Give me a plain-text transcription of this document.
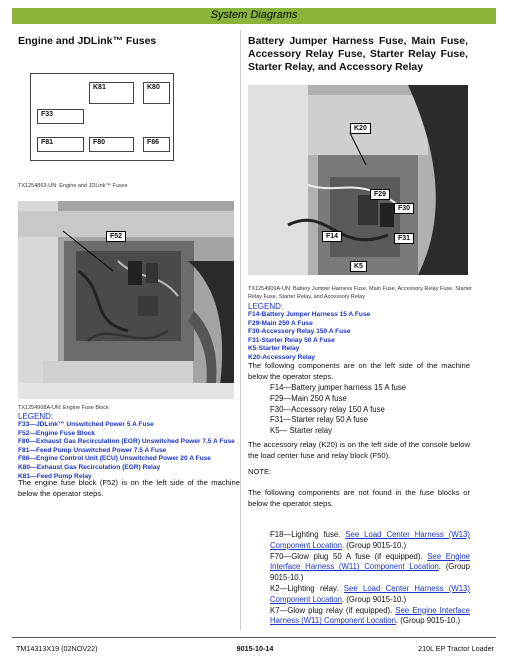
System Diagrams
Engine and JDLink™ Fuses
K81	K80
F33
F81	F80	F86
TX1254863-UN: Engine and JDLink™ Fuses
F52
TX1254908A-UN: Engine Fuse Block
LEGEND:
F33—JDLink™ Unswitched Power 5 A Fuse
F52—Engine Fuse Block
F80—Exhaust Gas Recirculation (EGR) Unswitched Power 7.5 A Fuse
F81—Feed Pump Unswitched Power 7.5 A Fuse
F86—Engine Control Unit (ECU) Unswitched Power 20 A Fuse
K80—Exhaust Gas Recirculation (EGR) Relay
K81—Feed Pump Relay
The engine fuse block (F52) is on the left side of the machine below the operator steps.
Battery Jumper Harness Fuse, Main Fuse, Accessory Relay Fuse, Starter Relay Fuse, Starter Relay, and Accessory Relay
K20
F29
F30
F31
F14
K5
TX1254909A-UN: Battery Jumper Harness Fuse, Main Fuse, Accessory Relay Fuse, Starter Relay Fuse, Starter Relay, and Accessory Relay
LEGEND:
F14-Battery Jumper Harness 15 A Fuse
F29-Main 250 A Fuse
F30-Accessory Relay 150 A Fuse
F31-Starter Relay 50 A Fuse
K5-Starter Relay
K20-Accessory Relay
The following components are on the left side of the machine below the operator steps.
F14—Battery jumper harness 15 A fuse
F29—Main 250 A fuse
F30—Accessory relay 150 A fuse
F31—Starter relay 50 A fuse
K5— Starter relay
The accessory relay (K20) is on the left side of the console below the load center fuse and relay block (F50).
NOTE:
The following components are not found in the fuse blocks or below the operator steps.
F18—Lighting fuse. See Load Center Harness (W13) Component Location. (Group 9015-10.)
F70—Glow plug 50 A fuse (if equipped). See Engine Interface Harness (W11) Component Location. (Group 9015-10.)
K2—Lighting relay. See Load Center Harness (W13) Component Location. (Group 9015-10.)
K7—Glow plug relay (if equipped). See Engine Interface Harness (W11) Component Location. (Group 9015-10.)
TM14313X19 (02NOV22)	9015-10-14	210L EP Tractor Loader
